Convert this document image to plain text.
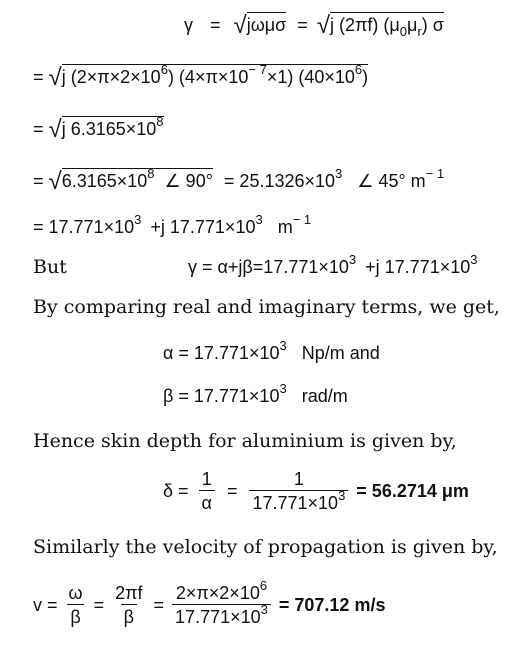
γ = √jωμσ = √j (2πf) $(\mu_0\mu_r)$ σ
= √j $(2\times\pi\times 2\times 10^6)$ $(4\times\pi\times 10^{- 7}\times 1)$ $(40\times 10^6)$
= √j $6.3165\times 10^8$
= $√6.3165\times 10^8$ ∠ $90^\circ = 25.1326\times 10^3$ ∠ 45° $m^{- 1}$
= $17.771\times 10^3 +j$ $17.771\times 10^3$ $m^{- 1}$
But	$\gamma = \alpha+j\beta=17.771\times 10^3 +j$ $17.771\times 10^3$
By comparing real and imaginary terms, we get,
$\alpha = 17.771\times 10^3$ Np/m and
$\beta = 17.771\times 10^3$ rad/m
Hence skin depth for aluminium is given by,
$\delta = \frac{1}{\alpha} = \frac{1}{17.771\times 10^3} = 56.2714$ μm
Similarly the velocity of propagation is given by,
$v = \frac{\omega}{\beta} = \frac{2\pi f}{\beta} = \frac{2\times\pi\times 2\times 10^6}{17.771\times 10^3} = 707.12$ m/s
